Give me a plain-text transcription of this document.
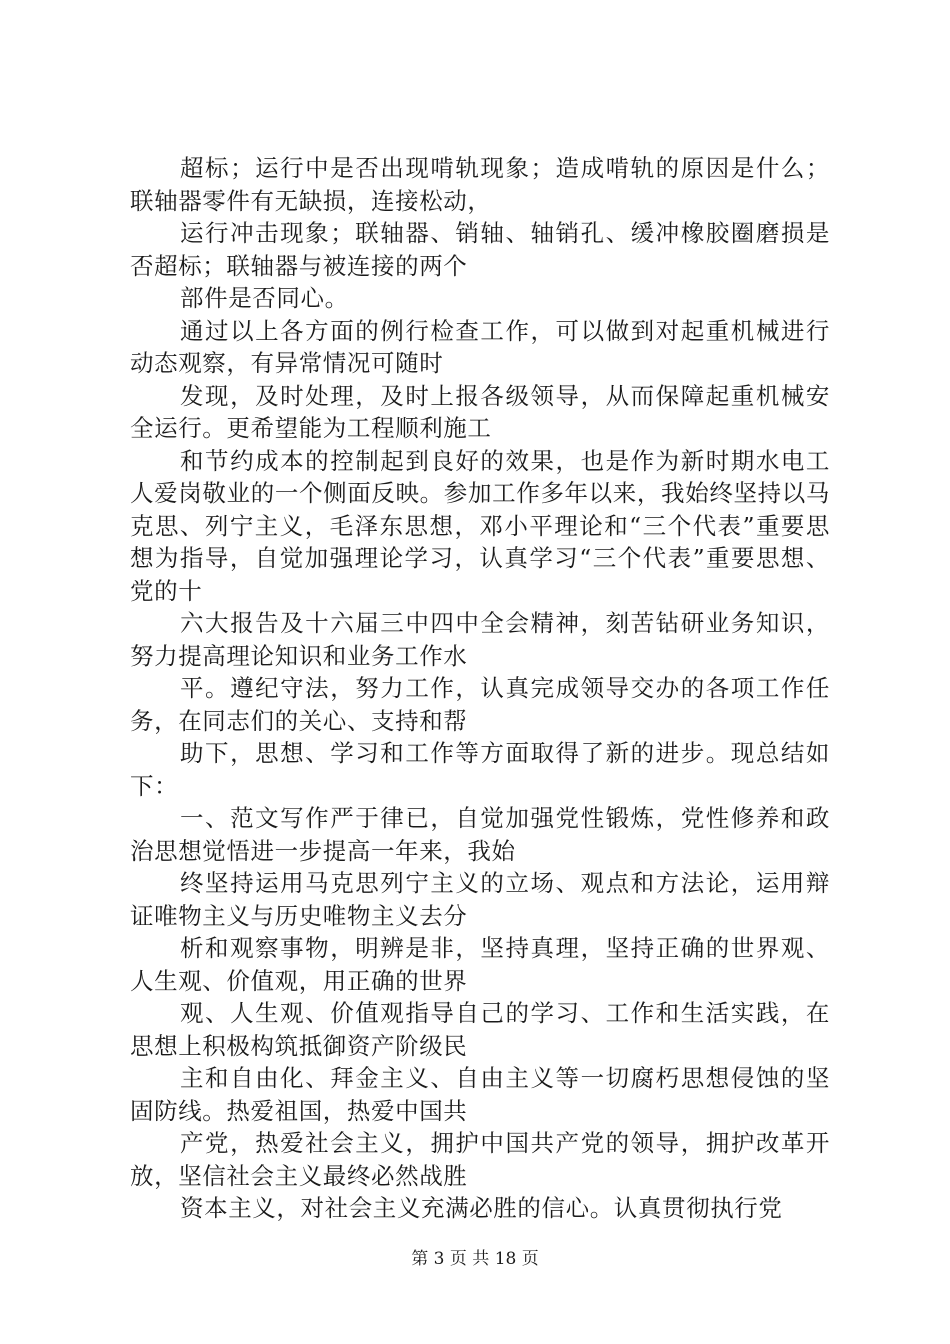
超标；运行中是否出现啃轨现象；造成啃轨的原因是什么；联轴器零件有无缺损，连接松动，

运行冲击现象；联轴器、销轴、轴销孔、缓冲橡胶圈磨损是否超标；联轴器与被连接的两个

部件是否同心。

通过以上各方面的例行检查工作，可以做到对起重机械进行动态观察，有异常情况可随时

发现，及时处理，及时上报各级领导，从而保障起重机械安全运行。更希望能为工程顺利施工

和节约成本的控制起到良好的效果，也是作为新时期水电工人爱岗敬业的一个侧面反映。参加工作多年以来，我始终坚持以马克思、列宁主义，毛泽东思想，邓小平理论和“三个代表”重要思想为指导，自觉加强理论学习，认真学习“三个代表”重要思想、党的十

六大报告及十六届三中四中全会精神，刻苦钻研业务知识，努力提高理论知识和业务工作水

平。遵纪守法，努力工作，认真完成领导交办的各项工作任务，在同志们的关心、支持和帮

助下，思想、学习和工作等方面取得了新的进步。现总结如下：

一、范文写作严于律已，自觉加强党性锻炼，党性修养和政治思想觉悟进一步提高一年来，我始

终坚持运用马克思列宁主义的立场、观点和方法论，运用辩证唯物主义与历史唯物主义去分

析和观察事物，明辨是非，坚持真理，坚持正确的世界观、人生观、价值观，用正确的世界

观、人生观、价值观指导自己的学习、工作和生活实践，在思想上积极构筑抵御资产阶级民

主和自由化、拜金主义、自由主义等一切腐朽思想侵蚀的坚固防线。热爱祖国，热爱中国共

产党，热爱社会主义，拥护中国共产党的领导，拥护改革开放，坚信社会主义最终必然战胜

资本主义，对社会主义充满必胜的信心。认真贯彻执行党

第 3 页 共 18 页
